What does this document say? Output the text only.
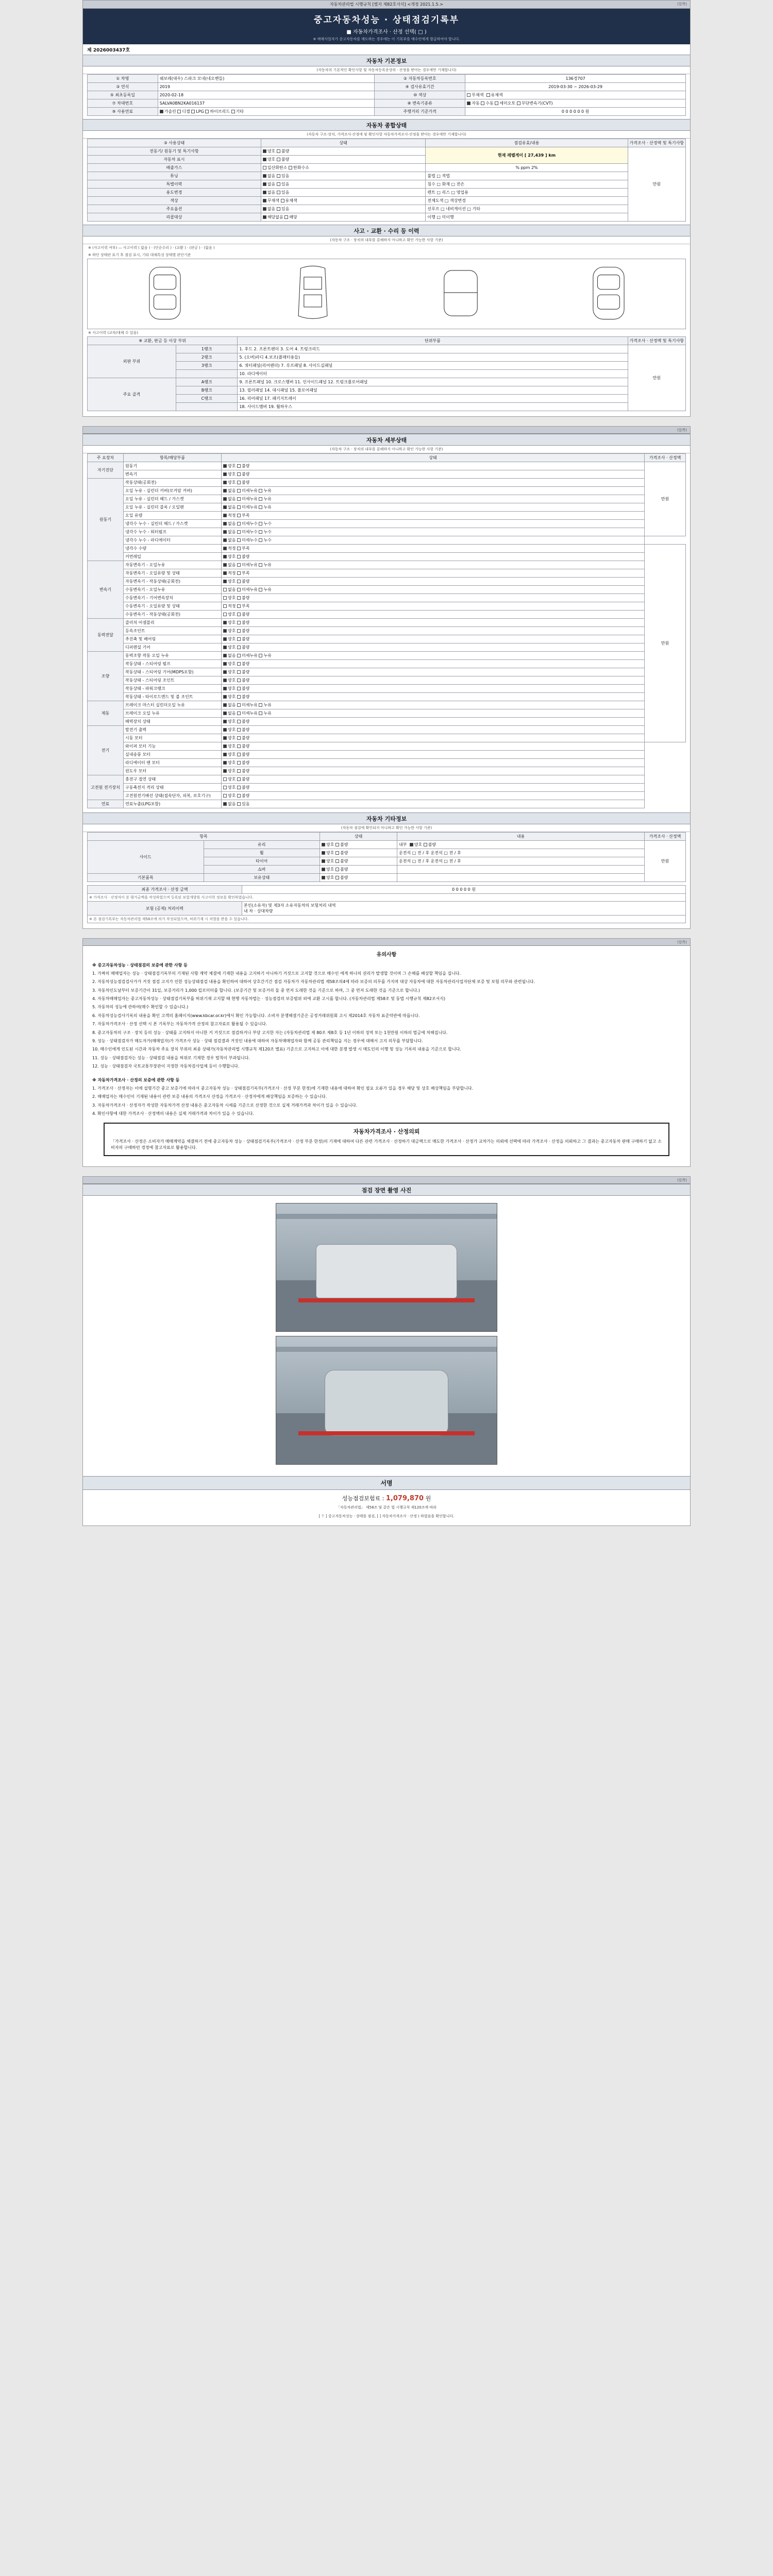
자동차관리법 시행규칙 [별지 제82호서식] <개정 2021.1.5.>	(앞쪽)
중고자동차성능 · 상태점검기록부
■ 자동차가격조사 · 산정 선택( □ )
※ 매매사업자가 중고자동차를 매도하는 경우에는 이 기록부를 매수인에게 발급하여야 합니다.
제 2026003437호
자동차 기본정보
(자동차의 기본적인 확인사항 및 자동차등록증상의 · 산정을 받아는 경우에만 기재합니다)
① 차명	쉐보레(대우) 스파크 모네(네오밴들)	② 자동차등록번호	136경707
③ 연식	2019	④ 검사유효기간	2019-03-30 ~ 2026-03-29
⑤ 최초등록일	2020-02-18	⑩ 색상	무채색 유채색
⑦ 차대번호	SALVA0BN2KA016137	⑧ 변속기종류	자동 수동 세미오토 무단변속기(CVT)
⑨ 사용연료	가솔린 디젤 LPG 하이브리드 기타	주행거리 기준가격	0 0 0 0 0 0 원
자동차 종합상태
(자동차 구조·장치, 가격조사·산정에 및 확인사항 자동차가격조사·산정을 받아는 경우에만 기재합니다)
③ 사용상태	상태	점검유효/내용	가격조사 · 산정액 및 특기사항
전동기/ 원동기 및 특기사항	양호 불량	현재 레벨게이 [ 27,439 ] km	만원
자동차 표시	양호 불량		
배출가스	일산화탄소 탄화수소	% ppm 2%	
튜닝	없음 있음	불법 □ 적법	
특별이력	없음 있음	침수 □ 화재 □ 전손	
용도변경	없음 있음	렌트 □ 리스 □ 영업용	
색상	무채색 유채색	전체도색 □ 색상변경	
주요옵션	없음 있음	선루프 □ 네비게이션 □ 기타	
리콜대상	해당없음 해당	이행 □ 미이행	
사고 · 교환 · 수리 등 이력
(자동차 구조 · 장치의 내부를 분해하지 아니하고 확인 가능한 사항 기준)
※ (사고이력 여부) ― 사고이력 ( 없음 ) · (단순수리 ) · (교환 ) · (판금 ) · (없음 )
※ 하단 상태란 표기 후 점검 표시, 기타 대체특성 상태별 판단기준
※ 사고이력 (교차/대체 수 있음)
※ 교환, 판금 등 이상 부위		단위부품	가격조사 · 산정액 및 특기사항
외판 부위	1랭크	1. 후드 2. 프론트펜더 3. 도어 4. 트렁크리드	만원
	2랭크	5. (오버)라디 4.보조(플래터용들)	
	3랭크	6. 쿼터패널(리어펜더) 7. 루프패널 8. 사이드실패널	
		10. 라디에이터	
주요 골격	A랭크	9. 프론트패널 10. 크로스멤버 11. 인사이드패널 12. 트렁크플로어패널	
	B랭크	13. 필러패널 14. 대시패널 15. 플로어패널	
	C랭크	16. 리어패널 17. 패키지트레이	
		18. 사이드멤버 19. 휠하우스	
(앞쪽)

자동차 세부상태
(자동차 구조 · 장치의 내부를 분해하지 아니하고 확인 가능한 사항 기준)
주 요장치	항목/해당부품	상태	가격조사 · 산정액
자기진단	원동기	양호 불량	만원
	변속기	양호 불량	
원동기	작동상태(공회전)	양호 불량	
	오일 누유 - 실린더 커버(로커암 커버)	없음 미세누유 누유	
	오일 누유 - 실린더 헤드 / 가스켓	없음 미세누유 누유	
	오일 누유 - 실린더 블록 / 오일팬	없음 미세누유 누유	
	오일 유량	적정 부족	
	냉각수 누수 - 실린더 헤드 / 가스켓	없음 미세누수 누수	
	냉각수 누수 - 워터펌프	없음 미세누수 누수	
	냉각수 누수 - 라디에이터	없음 미세누수 누수	
	냉각수 수량	적정 부족	만원
	커먼레일	양호 불량	
변속기	자동변속기 - 오일누유	없음 미세누유 누유	
	자동변속기 - 오일유량 및 상태	적정 부족	
	자동변속기 - 작동상태(공회전)	양호 불량	
	수동변속기 - 오일누유	없음 미세누유 누유	
	수동변속기 - 기어변속장치	양호 불량	
	수동변속기 - 오일유량 및 상태	적정 부족	
	수동변속기 - 작동상태(공회전)	양호 불량	
동력전달	클러치 어셈블리	양호 불량	
	등속조인트	양호 불량	
	추진축 및 베어링	양호 불량	
	디퍼렌셜 기어	양호 불량	
조향	동력조향 작동 오일 누유	없음 미세누유 누유	
	작동상태 - 스티어링 펌프	양호 불량	
	작동상태 - 스티어링 기어(MDPS포함)	양호 불량	
	작동상태 - 스티어링 조인트	양호 불량	
	작동상태 - 파워크랭크	양호 불량	
	작동상태 - 타이로드엔드 및 볼 조인트	양호 불량	
제동	브레이크 마스터 실린더오일 누유	없음 미세누유 누유	
	브레이크 오일 누유	없음 미세누유 누유	
	배력장치 상태	양호 불량	
전기	발전기 출력	양호 불량	
	시동 모터	양호 불량	
	와이퍼 모터 기능	양호 불량	
	실내송풍 모터	양호 불량	
	라디에이터 팬 모터	양호 불량	
	윈도우 모터	양호 불량	
고전원 전기장치	충전구 절연 상태	양호 불량	
	구동축전지 격리 상태	양호 불량	
	고전원전기배선 상태(접속단자, 피복, 보호기구)	양호 불량	
연료	연료누출(LPG포함)	없음 있음	
자동차 기타정보
(자동차 점검에 확인되지 아니하고 확인 가능한 사항 기준)
항목		상태	내용	가격조사 · 산정액
사이드	유리	양호 불량	내부 양호 불량	만원
	휠	양호 불량	운전석 □ 전 / 후 운전석 □ 전 / 후	
	타이어	양호 불량	운전석 □ 전 / 후 운전석 □ 전 / 후	
	쇼바	양호 불량		
기본품목	보유상태	양호 불량		
최종 가격조사 · 산정 금액	0 0 0 0 0 원
※ 가격조사 · 산정자이 본 평가금액을 작성하였으며 등록된 보험개발원 사고이력 정보를 확인하였습니다.	
보험 (공제) 처리이력	본인(소유자) 및 제3자 소유자동차의 보험처리 내역
내 차 · 상대차량

※ 본 점검기록부는 자동차관리법 제58조에 의거 작성되었으며, 허위기재 시 처벌을 받을 수 있습니다.	
(앞쪽)

유의사항

※ 중고자동차성능 · 상태점검의 보증에 관한 사항 등

1. 가짜의 매매업자는 성능 · 상태점검기록부의 기재된 사항 계약 체결에 기재한 내용을 고지하기 아니하기 거짓으로 고지할 것으로 매수인 에게 하나의 권리가 발생할 것이며 그 손해를 배상할 책임을 집니다.

2. 자동차성능점검검사가가 거짓 점검 고지가 인한 성능상태점검 내용을 확인하여 대하여 상호간기간 점검 자동차가 자동차관리법 제58조의4에 따라 보증의 의무를 가지며 대상 자동차에 대한 자동차관리사업자단체 보증 및 보험 의무와 관련됩니다.

3. 자동차인도날부터 보증기간이 31일, 보증거리가 1,000 킬로미터를 합니다. (보증기간 및 보증거리 둘 중 먼저 도래한 것을 기준으로 하며, 그 중 먼저 도래한 것을 기준으로 합니다.)

4. 자동차매매업자는 중고자동차성능 · 상태점검기록부를 허위기재 고지할 때 현행 자동차법는 · 성능점검의 보증범위 외에 교환 고시를 합니다. (자동차관리법 제58조 및 동법 시행규칙 제82조서식)

5. 자동차의 성능에 관하여(매수 확인할 수 있습니다.)

6. 자동차성능검사기록의 내용을 확인 고객의 홈페이지(www.kbcar.or.kr)에서 확인 가능합니다. 소비자 분쟁해결기준은 공정거래위원회 고시 제2014호 자동차 표준약관에 따릅니다.

7. 자동차가격조사 · 산정 선택 시 본 기록부는 자동차가격 산정의 참고자료로 활용될 수 있습니다.

8. 중고자동차의 구조 · 장치 등의 성능 · 상태를 고지하지 아니한 거 거짓으로 점검하거나 부당 고지한 자는 (자동차관리법 제 80조 제8호 등 1년 이하의 징역 또는 1천만원 이하의 벌금에 처해집니다.

9. 성능 · 상태점검자가 매도자가(매매업자)가 가격조사 성능 · 상태 점검결과 거짓인 내용에 대하여 자동차매매업자와 함께 공동 관리책임을 지는 경우에 대해서 고지 의무를 부담합니다.

10. 매수인에게 인도된 시간과 자동차 주요 장치 부위의 최종 상태가(자동차관리법 시행규칙 제120조 별표) 기준으로 고지하고 이에 대한 분쟁 발생 시 매도인의 이행 및 성능 기록의 내용을 기준으로 합니다.

11. 성능 · 상태점검자는 성능 · 상태점검 내용을 허위로 기재한 경우 벌칙이 부과됩니다.

12. 성능 · 상태점검자 국토교통부장관이 지정한 자동차검사업체 등이 수행합니다.

※ 자동차가격조사 · 산정의 보증에 관한 사항 등

1. 가격조사 · 산정자는 이에 설명기간 중고 보증기에 따라서 중고자동차 성능 · 상태점검기록부(가격조사 · 산정 부분 한정)에 기재한 내용에 대하여 확인 필요 오류가 있을 경우 해당 및 상호 배상책임을 부담합니다.

2. 매매업자는 매수인이 기재된 내용이 관련 보증 내용의 가격조사 산정을 가격조사 · 산정자에게 배상책임을 보증하는 수 있습니다.

3. 자동차가격조사 · 산정자가 작성한 자동차가격 산정 내용은 중고자동차 시세를 기준으로 산정한 것으로 실제 거래가격과 차이가 있을 수 있습니다.

4. 확인사항에 대한 가격조사 · 산정액의 내용은 실제 거래가격과 차이가 있을 수 있습니다.

자동차가격조사 · 산정의뢰
「가격조사 · 산정은 소비자가 매매계약을 체결하기 전에 중고자동차 성능 · 상태점검기록부(가격조사 · 산정 부분 한정)의 기재에 대하여 다른 관련 가격조사 · 산정하기 대금액으로 매도한 가격조사 · 산정가 교차가는 의뢰에 선택에 따라 가격조사 · 산정을 의뢰하고 그 결과는 중고자동차 판매 구매하기 없고 소비자의 구매하던 경정에 참고자료로 활용합니다.
(앞쪽)

점검 장면 촬영 사진
서명
성능점검보험료 : 1,079,870 원
「자동차관리법」 제58조 및 같은 법 시행규칙 제120조에 따라
[ ⊤ ] 중고자동차성능 · 상태를 점검, [ ] 자동차가격조사 · 산정 ) 하였음을 확인합니다.
